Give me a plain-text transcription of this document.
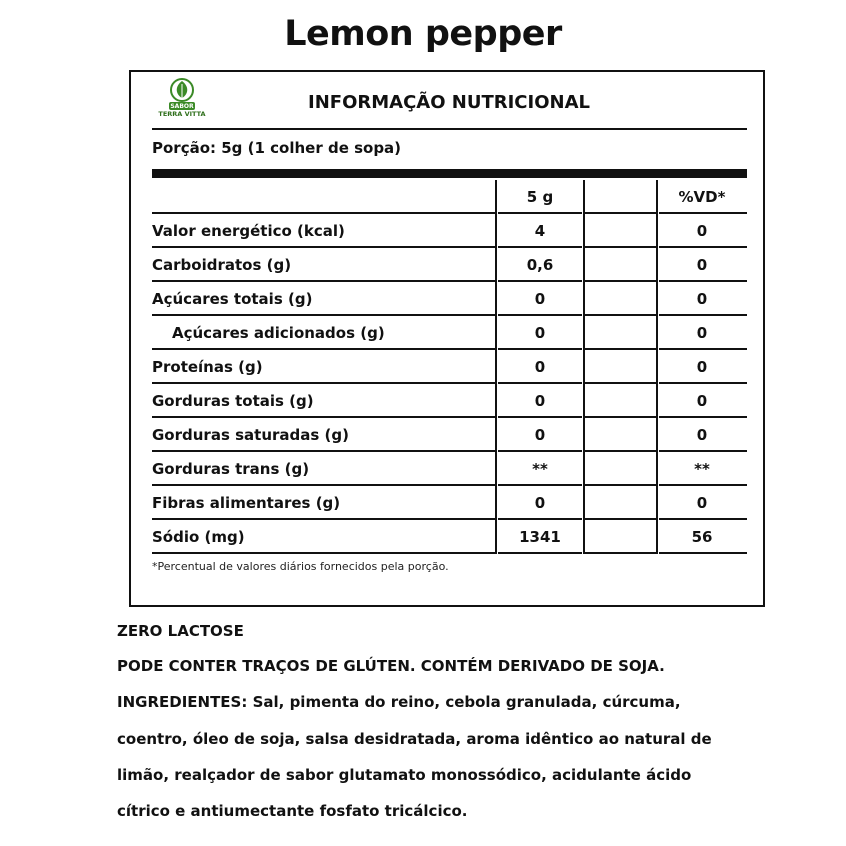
Lemon pepper
SABOR
TERRA VITTA
INFORMAÇÃO NUTRICIONAL
Porção: 5g (1 colher de sopa)
5 g	%VD*
Valor energético (kcal)	4	0
Carboidratos (g)	0,6	0
Açúcares totais (g)	0	0
Açúcares adicionados (g)	0	0
Proteínas (g)	0	0
Gorduras totais (g)	0	0
Gorduras saturadas (g)	0	0
Gorduras trans (g)	**	**
Fibras alimentares (g)	0	0
Sódio (mg)	1341	56
*Percentual de valores diários fornecidos pela porção.
ZERO LACTOSE
PODE CONTER TRAÇOS DE GLÚTEN. CONTÉM DERIVADO DE SOJA.
INGREDIENTES: Sal, pimenta do reino, cebola granulada, cúrcuma,
coentro, óleo de soja, salsa desidratada, aroma idêntico ao natural de
limão, realçador de sabor glutamato monossódico, acidulante ácido
cítrico e antiumectante fosfato tricálcico.
